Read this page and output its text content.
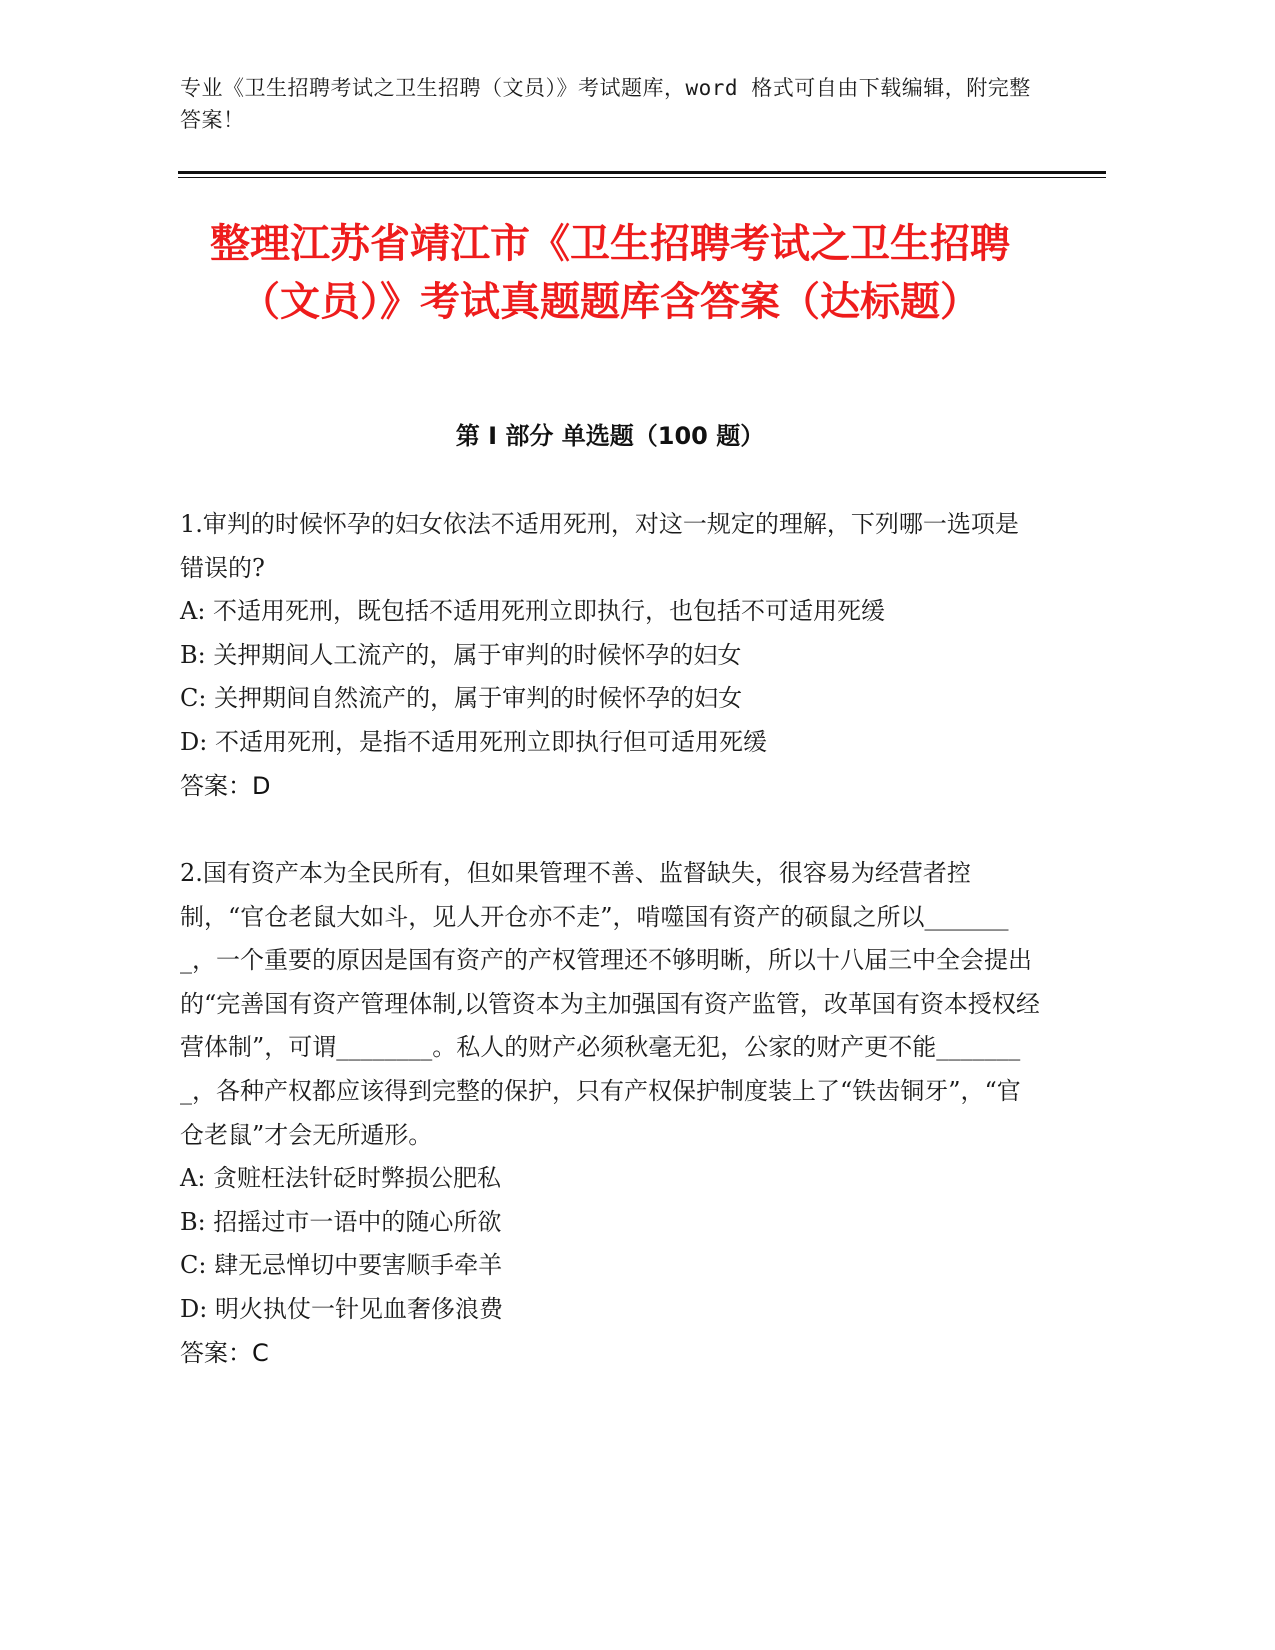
专业《卫生招聘考试之卫生招聘（文员）》考试题库，word 格式可自由下载编辑，附完整答案！
整理江苏省靖江市《卫生招聘考试之卫生招聘（文员）》考试真题题库含答案（达标题）
第 I 部分 单选题（100 题）

1.审判的时候怀孕的妇女依法不适用死刑，对这一规定的理解，下列哪一选项是错误的?

A: 不适用死刑，既包括不适用死刑立即执行，也包括不可适用死缓

B: 关押期间人工流产的，属于审判的时候怀孕的妇女

C: 关押期间自然流产的，属于审判的时候怀孕的妇女

D: 不适用死刑，是指不适用死刑立即执行但可适用死缓

答案：D

2.国有资产本为全民所有，但如果管理不善、监督缺失，很容易为经营者控制，“官仓老鼠大如斗，见人开仓亦不走”，啃噬国有资产的硕鼠之所以________，一个重要的原因是国有资产的产权管理还不够明晰，所以十八届三中全会提出的“完善国有资产管理体制,以管资本为主加强国有资产监管，改革国有资本授权经营体制”，可谓________。私人的财产必须秋毫无犯，公家的财产更不能________，各种产权都应该得到完整的保护，只有产权保护制度装上了“铁齿铜牙”，“官仓老鼠”才会无所遁形。

A: 贪赃枉法针砭时弊损公肥私

B: 招摇过市一语中的随心所欲

C: 肆无忌惮切中要害顺手牵羊

D: 明火执仗一针见血奢侈浪费

答案：C
